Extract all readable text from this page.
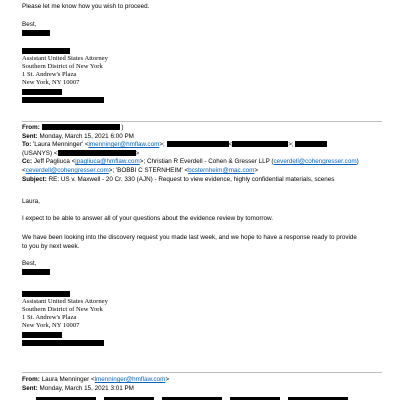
Please let me know how you wish to proceed.
Best,
Assistant United States Attorney
Southern District of New York
1 St. Andrew's Plaza
New York, NY 10007
From:	)
Sent: Monday, March 15, 2021 6:00 PM
To: 'Laura Menninger' <lmenninger@hmflaw.com>;	<	>;
(USANYS) <	>
Cc: Jeff Pagliuca <jpagliuca@hmflaw.com>; Christian R Everdell - Cohen & Gresser LLP (ceverdell@cohengresser.com)
<ceverdell@cohengresser.com>; 'BOBBI C STERNHEIM' <bcsternheim@mac.com>
Subject: RE: US v. Maxwell - 20 Cr. 330 (AJN) - Request to view evidence, highly confidential materials, scenes
Laura,
I expect to be able to answer all of your questions about the evidence review by tomorrow.
We have been looking into the discovery request you made last week, and we hope to have a response ready to provide
to you by next week.
Best,
Assistant United States Attorney
Southern District of New York
1 St. Andrew's Plaza
New York, NY 10007
From: Laura Menninger <lmenninger@hmflaw.com>
Sent: Monday, March 15, 2021 3:01 PM
